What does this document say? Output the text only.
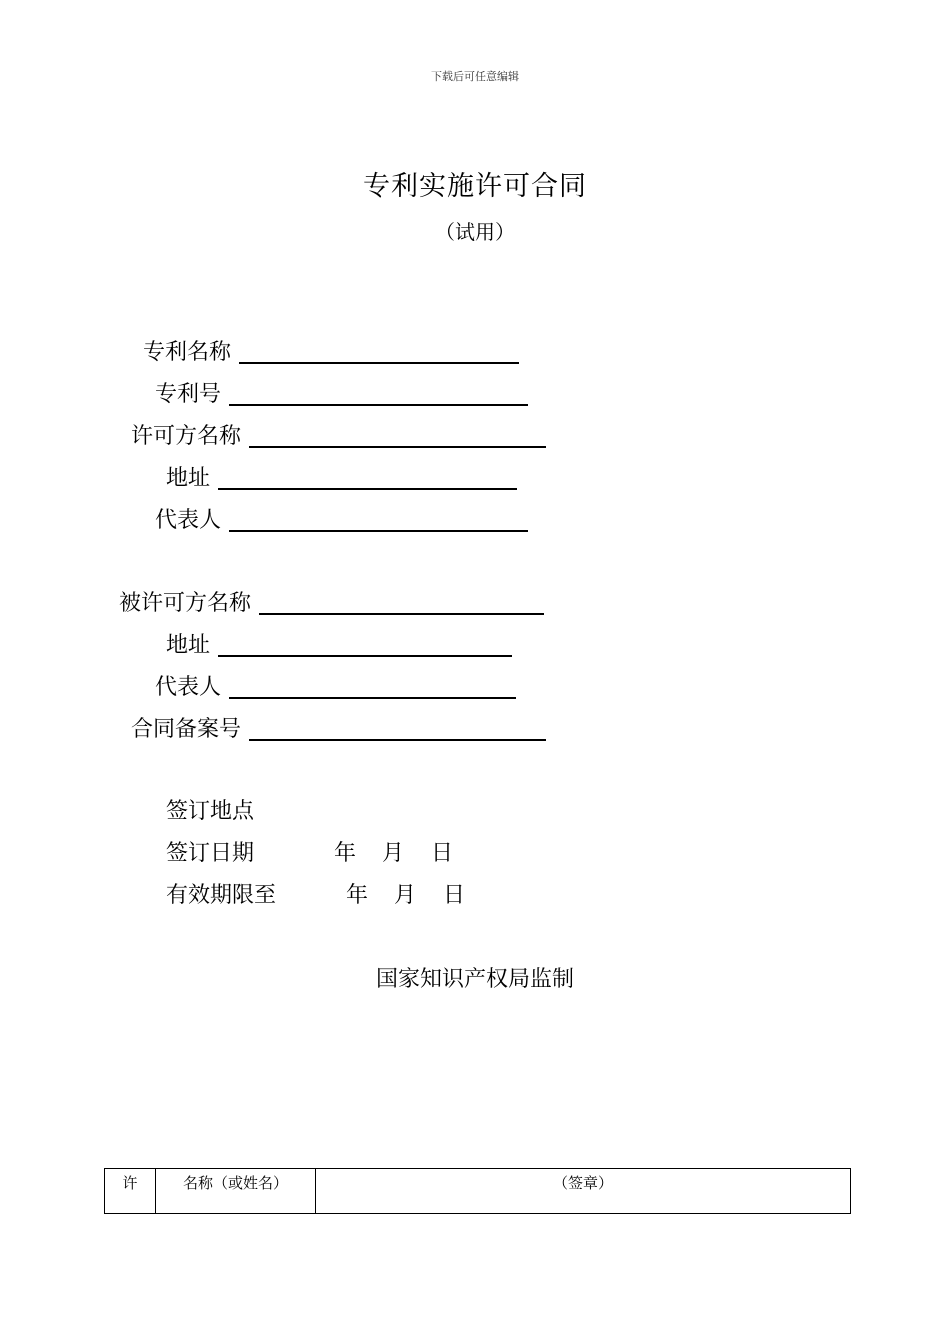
下载后可任意编辑
专利实施许可合同
（试用）
专利名称
专利号
许可方名称
地址
代表人
被许可方名称
地址
代表人
合同备案号
签订地点
签订日期	年 月 日
有效期限至	年 月 日
国家知识产权局监制
许	名称（或姓名）	（签章）
